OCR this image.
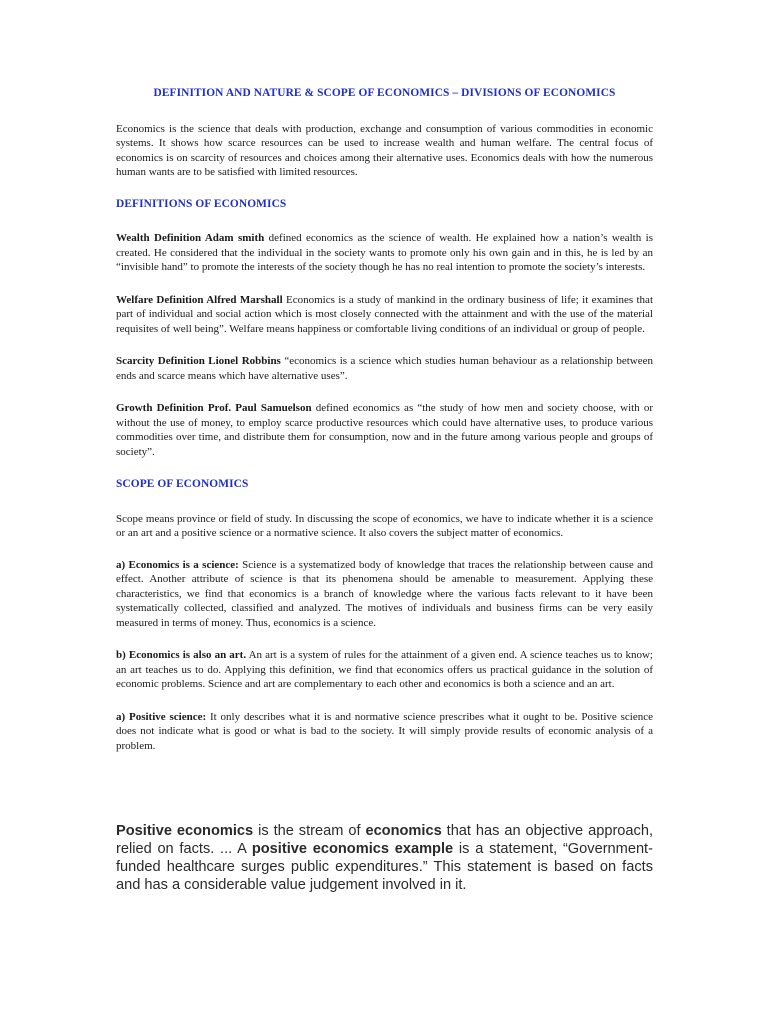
DEFINITION AND NATURE & SCOPE OF ECONOMICS – DIVISIONS OF ECONOMICS

Economics is the science that deals with production, exchange and consumption of various commodities in economic systems. It shows how scarce resources can be used to increase wealth and human welfare. The central focus of economics is on scarcity of resources and choices among their alternative uses. Economics deals with how the numerous human wants are to be satisfied with limited resources.

DEFINITIONS OF ECONOMICS

Wealth Definition Adam smith defined economics as the science of wealth. He explained how a nation’s wealth is created. He considered that the individual in the society wants to promote only his own gain and in this, he is led by an “invisible hand” to promote the interests of the society though he has no real intention to promote the society’s interests.

Welfare Definition Alfred Marshall Economics is a study of mankind in the ordinary business of life; it examines that part of individual and social action which is most closely connected with the attainment and with the use of the material requisites of well being”. Welfare means happiness or comfortable living conditions of an individual or group of people.

Scarcity Definition Lionel Robbins “economics is a science which studies human behaviour as a relationship between ends and scarce means which have alternative uses”.

Growth Definition Prof. Paul Samuelson defined economics as “the study of how men and society choose, with or without the use of money, to employ scarce productive resources which could have alternative uses, to produce various commodities over time, and distribute them for consumption, now and in the future among various people and groups of society”.

SCOPE OF ECONOMICS

Scope means province or field of study. In discussing the scope of economics, we have to indicate whether it is a science or an art and a positive science or a normative science. It also covers the subject matter of economics.

a) Economics is a science: Science is a systematized body of knowledge that traces the relationship between cause and effect. Another attribute of science is that its phenomena should be amenable to measurement. Applying these characteristics, we find that economics is a branch of knowledge where the various facts relevant to it have been systematically collected, classified and analyzed. The motives of individuals and business firms can be very easily measured in terms of money. Thus, economics is a science.

b) Economics is also an art. An art is a system of rules for the attainment of a given end. A science teaches us to know; an art teaches us to do. Applying this definition, we find that economics offers us practical guidance in the solution of economic problems. Science and art are complementary to each other and economics is both a science and an art.

a) Positive science: It only describes what it is and normative science prescribes what it ought to be. Positive science does not indicate what is good or what is bad to the society. It will simply provide results of economic analysis of a problem.

Positive economics is the stream of economics that has an objective approach, relied on facts. ... A positive economics example is a statement, “Government-funded healthcare surges public expenditures.” This statement is based on facts and has a considerable value judgement involved in it.
